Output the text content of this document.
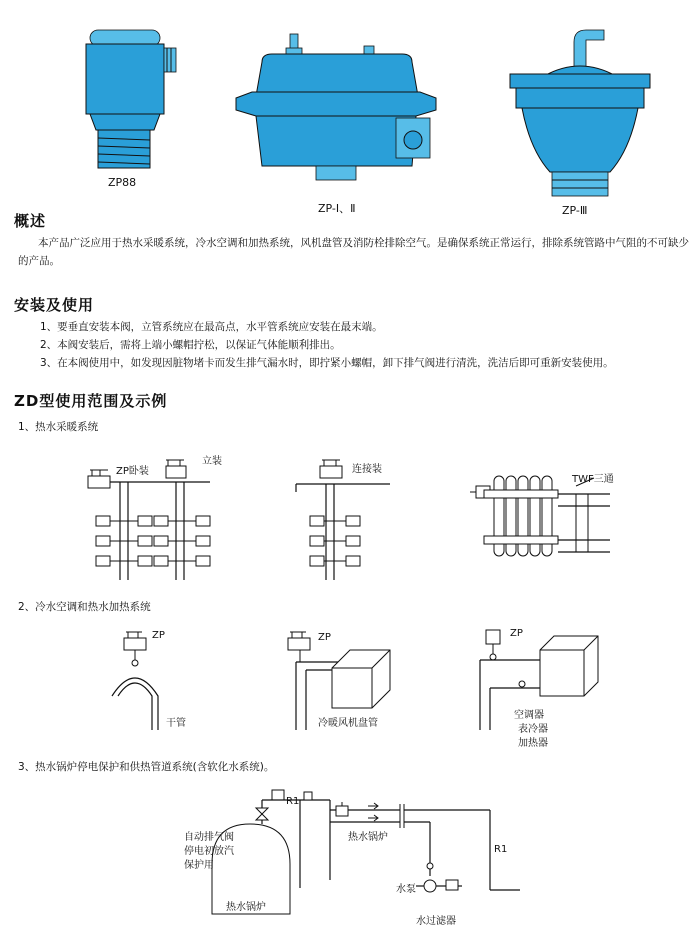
ZP88
ZP-Ⅰ、Ⅱ	ZP-Ⅲ
概述
本产品广泛应用于热水采暖系统，冷水空调和加热系统，风机盘管及消防栓排除空气。是确保系统正常运行，排除系统管路中气阻的不可缺少的产品。
安装及使用
1、要垂直安装本阀，立管系统应在最高点，水平管系统应安装在最末端。
2、本阀安装后，需将上端小螺帽拧松，以保证气体能顺利排出。
3、在本阀使用中，如发现因脏物堵卡而发生排气漏水时，即拧紧小螺帽，卸下排气阀进行清洗，洗洁后即可重新安装使用。
ZD型使用范围及示例
1、热水采暖系统
ZP卧装
立装
连接装
TWF三通
2、冷水空调和热水加热系统
ZP
干管
ZP
冷暖风机盘管
ZP
空调器
表冷器
加热器
3、热水锅炉停电保护和供热管道系统(含软化水系统)。
自动排气阀
停电初放汽
保护用
热水锅炉
热水锅炉
R1
R1
水泵
水过滤器
